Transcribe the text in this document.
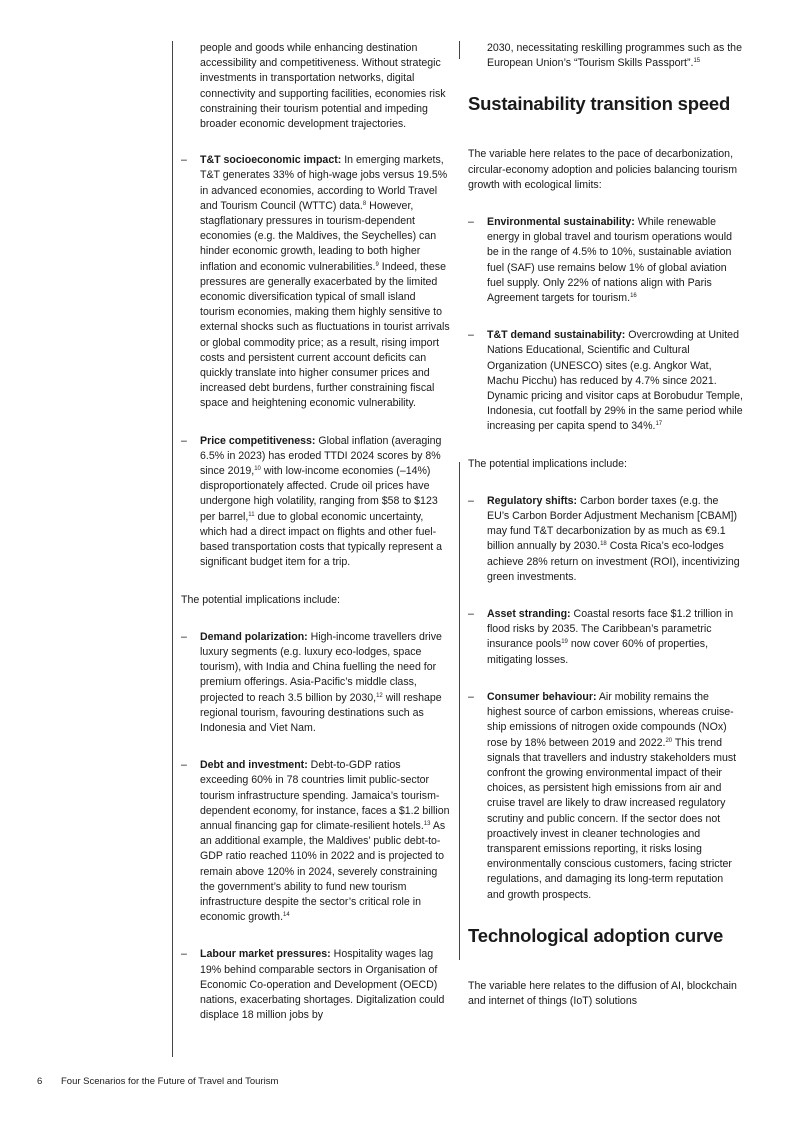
people and goods while enhancing destination accessibility and competitiveness. Without strategic investments in transportation networks, digital connectivity and supporting facilities, economies risk constraining their tourism potential and impeding broader economic development trajectories.

– T&T socioeconomic impact: In emerging markets, T&T generates 33% of high-wage jobs versus 19.5% in advanced economies, according to World Travel and Tourism Council (WTTC) data.$^8$ However, stagflationary pressures in tourism-dependent economies (e.g. the Maldives, the Seychelles) can hinder economic growth, leading to both higher inflation and economic vulnerabilities.$^9$ Indeed, these pressures are generally exacerbated by the limited economic diversification typical of small island tourism economies, making them highly sensitive to external shocks such as fluctuations in tourist arrivals or global commodity price; as a result, rising import costs and persistent current account deficits can quickly translate into higher consumer prices and increased debt burdens, further constraining fiscal space and heightening economic vulnerability.
– Price competitiveness: Global inflation (averaging 6.5% in 2023) has eroded TTDI 2024 scores by 8% since 2019,10 with low-income economies (–14%) disproportionately affected. Crude oil prices have undergone high volatility, ranging from $58 to $123 per barrel,$^{11}$ due to global economic uncertainty, which had a direct impact on flights and other fuel-based transportation costs that typically represent a significant budget item for a trip.

The potential implications include:

– Demand polarization: High-income travellers drive luxury segments (e.g. luxury eco-lodges, space tourism), with India and China fuelling the need for premium offerings. Asia-Pacific’s middle class, projected to reach 3.5 billion by 2030,12 will reshape regional tourism, favouring destinations such as Indonesia and Viet Nam.
– Debt and investment: Debt-to-GDP ratios exceeding 60% in 78 countries limit public-sector tourism infrastructure spending. Jamaica’s tourism-dependent economy, for instance, faces a $1.2 billion annual financing gap for climate-resilient hotels.$^{13}$ As an additional example, the Maldives’ public debt-to-GDP ratio reached 110% in 2022 and is projected to remain above 120% in 2024, severely constraining the government’s ability to fund new tourism infrastructure despite the sector’s critical role in economic growth.$^{14}$
– Labour market pressures: Hospitality wages lag 19% behind comparable sectors in Organisation of Economic Co-operation and Development (OECD) nations, exacerbating shortages. Digitalization could displace 18 million jobs by

2030, necessitating reskilling programmes such as the European Union’s “Tourism Skills Passport”.$^{15}$

Sustainability transition speed

The variable here relates to the pace of decarbonization, circular-economy adoption and policies balancing tourism growth with ecological limits:

– Environmental sustainability: While renewable energy in global travel and tourism operations would be in the range of 4.5% to 10%, sustainable aviation fuel (SAF) use remains below 1% of global aviation fuel supply. Only 22% of nations align with Paris Agreement targets for tourism.$^{16}$
– T&T demand sustainability: Overcrowding at United Nations Educational, Scientific and Cultural Organization (UNESCO) sites (e.g. Angkor Wat, Machu Picchu) has reduced by 4.7% since 2021. Dynamic pricing and visitor caps at Borobudur Temple, Indonesia, cut footfall by 29% in the same period while increasing per capita spend to 34%.$^{17}$

The potential implications include:

– Regulatory shifts: Carbon border taxes (e.g. the EU’s Carbon Border Adjustment Mechanism [CBAM]) may fund T&T decarbonization by as much as €9.1 billion annually by 2030.18 Costa Rica’s eco-lodges achieve 28% return on investment (ROI), incentivizing green investments.
– Asset stranding: Coastal resorts face $1.2 trillion in flood risks by 2035. The Caribbean’s parametric insurance pools$^{19}$ now cover 60% of properties, mitigating losses.
– Consumer behaviour: Air mobility remains the highest source of carbon emissions, whereas cruise-ship emissions of nitrogen oxide compounds (NOx) rose by 18% between 2019 and 2022.20 This trend signals that travellers and industry stakeholders must confront the growing environmental impact of their choices, as persistent high emissions from air and cruise travel are likely to draw increased regulatory scrutiny and public concern. If the sector does not proactively invest in cleaner technologies and transparent emissions reporting, it risks losing environmentally conscious customers, facing stricter regulations, and damaging its long-term reputation and growth prospects.
Technological adoption curve

The variable here relates to the diffusion of AI, blockchain and internet of things (IoT) solutions

6 Four Scenarios for the Future of Travel and Tourism
